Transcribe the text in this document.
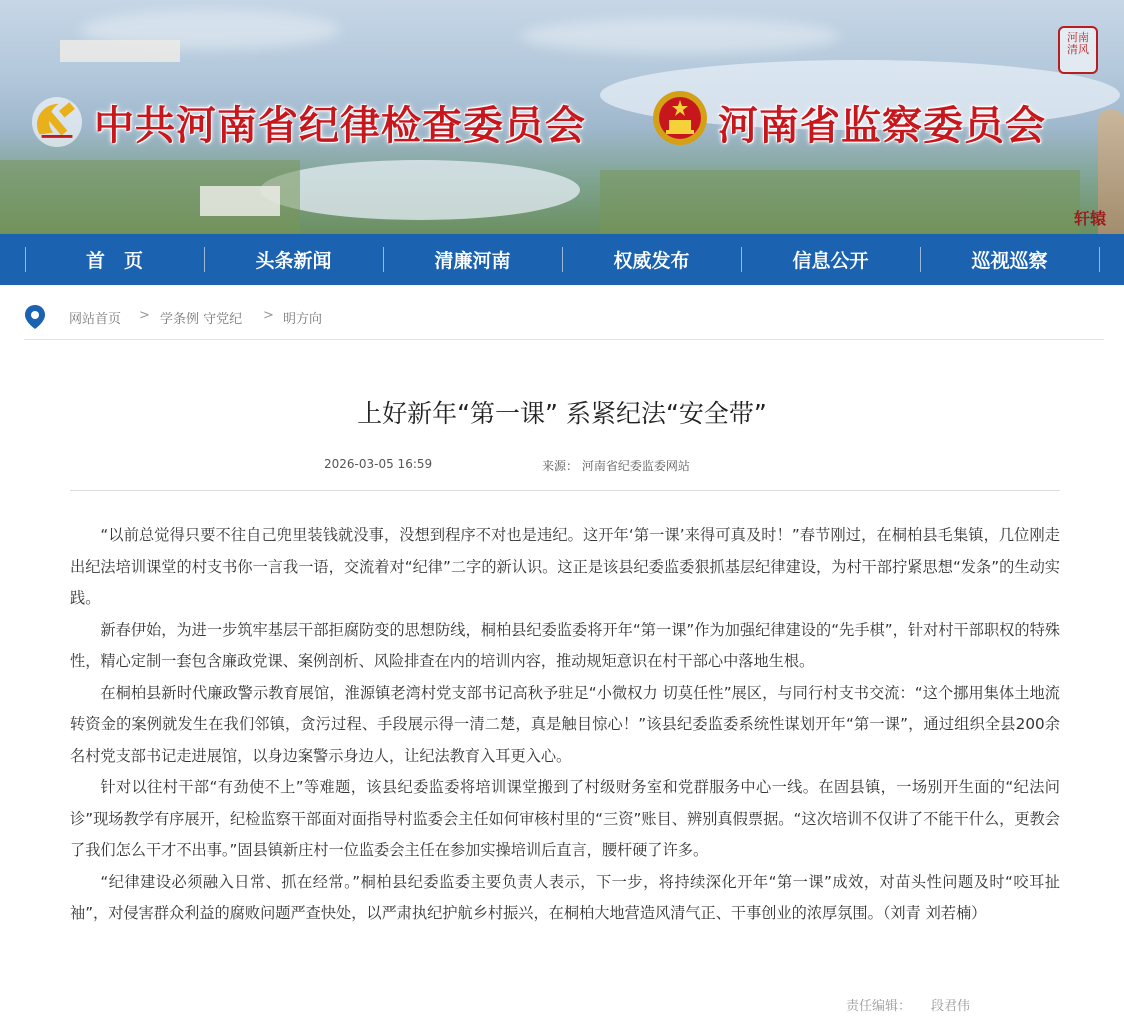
中共河南省纪律检查委员会	河南省监察委员会
河南
清风
轩辕
首　页	头条新闻	清廉河南	权威发布	信息公开	巡视巡察
网站首页 > 学条例 守党纪 > 明方向
上好新年“第一课” 系紧纪法“安全带”
2026-03-05 16:59	来源： 河南省纪委监委网站

“以前总觉得只要不往自己兜里装钱就没事，没想到程序不对也是违纪。这开年‘第一课’来得可真及时！”春节刚过，在桐柏县毛集镇，几位刚走出纪法培训课堂的村支书你一言我一语，交流着对“纪律”二字的新认识。这正是该县纪委监委狠抓基层纪律建设，为村干部拧紧思想“发条”的生动实践。

新春伊始，为进一步筑牢基层干部拒腐防变的思想防线，桐柏县纪委监委将开年“第一课”作为加强纪律建设的“先手棋”，针对村干部职权的特殊性，精心定制一套包含廉政党课、案例剖析、风险排查在内的培训内容，推动规矩意识在村干部心中落地生根。

在桐柏县新时代廉政警示教育展馆，淮源镇老湾村党支部书记高秋予驻足“小微权力 切莫任性”展区，与同行村支书交流：“这个挪用集体土地流转资金的案例就发生在我们邻镇，贪污过程、手段展示得一清二楚，真是触目惊心！”该县纪委监委系统性谋划开年“第一课”，通过组织全县200余名村党支部书记走进展馆，以身边案警示身边人，让纪法教育入耳更入心。

针对以往村干部“有劲使不上”等难题，该县纪委监委将培训课堂搬到了村级财务室和党群服务中心一线。在固县镇，一场别开生面的“纪法问诊”现场教学有序展开，纪检监察干部面对面指导村监委会主任如何审核村里的“三资”账目、辨别真假票据。“这次培训不仅讲了不能干什么，更教会了我们怎么干才不出事。”固县镇新庄村一位监委会主任在参加实操培训后直言，腰杆硬了许多。

“纪律建设必须融入日常、抓在经常。”桐柏县纪委监委主要负责人表示，下一步，将持续深化开年“第一课”成效，对苗头性问题及时“咬耳扯袖”，对侵害群众利益的腐败问题严查快处，以严肃执纪护航乡村振兴，在桐柏大地营造风清气正、干事创业的浓厚氛围。（刘青 刘若楠）

责任编辑： 段君伟
